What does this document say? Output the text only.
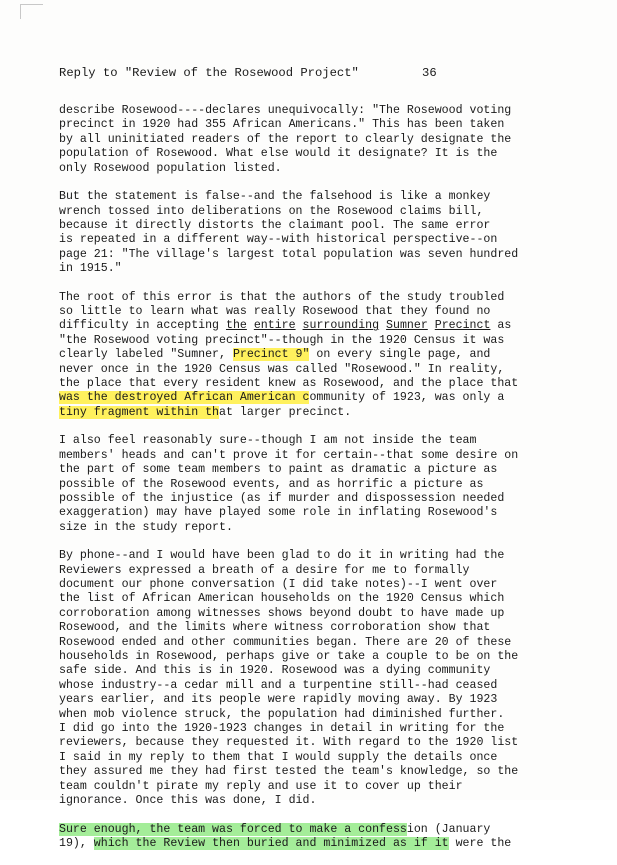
Reply to "Review of the Rosewood Project"	36
describe Rosewood----declares unequivocally: "The Rosewood voting
precinct in 1920 had 355 African Americans." This has been taken
by all uninitiated readers of the report to clearly designate the
population of Rosewood. What else would it designate? It is the
only Rosewood population listed.
But the statement is false--and the falsehood is like a monkey
wrench tossed into deliberations on the Rosewood claims bill,
because it directly distorts the claimant pool. The same error
is repeated in a different way--with historical perspective--on
page 21: "The village's largest total population was seven hundred
in 1915."
The root of this error is that the authors of the study troubled
so little to learn what was really Rosewood that they found no
difficulty in accepting the entire surrounding Sumner Precinct as
"the Rosewood voting precinct"--though in the 1920 Census it was
clearly labeled "Sumner, Precinct 9" on every single page, and
never once in the 1920 Census was called "Rosewood." In reality,
the place that every resident knew as Rosewood, and the place that
was the destroyed African American community of 1923, was only a
tiny fragment within that larger precinct.
I also feel reasonably sure--though I am not inside the team
members' heads and can't prove it for certain--that some desire on
the part of some team members to paint as dramatic a picture as
possible of the Rosewood events, and as horrific a picture as
possible of the injustice (as if murder and dispossession needed
exaggeration) may have played some role in inflating Rosewood's
size in the study report.
By phone--and I would have been glad to do it in writing had the
Reviewers expressed a breath of a desire for me to formally
document our phone conversation (I did take notes)--I went over
the list of African American households on the 1920 Census which
corroboration among witnesses shows beyond doubt to have made up
Rosewood, and the limits where witness corroboration show that
Rosewood ended and other communities began. There are 20 of these
households in Rosewood, perhaps give or take a couple to be on the
safe side. And this is in 1920. Rosewood was a dying community
whose industry--a cedar mill and a turpentine still--had ceased
years earlier, and its people were rapidly moving away. By 1923
when mob violence struck, the population had diminished further.
I did go into the 1920-1923 changes in detail in writing for the
reviewers, because they requested it. With regard to the 1920 list
I said in my reply to them that I would supply the details once
they assured me they had first tested the team's knowledge, so the
team couldn't pirate my reply and use it to cover up their
ignorance. Once this was done, I did.
Sure enough, the team was forced to make a confession (January
19), which the Review then buried and minimized as if it were the
